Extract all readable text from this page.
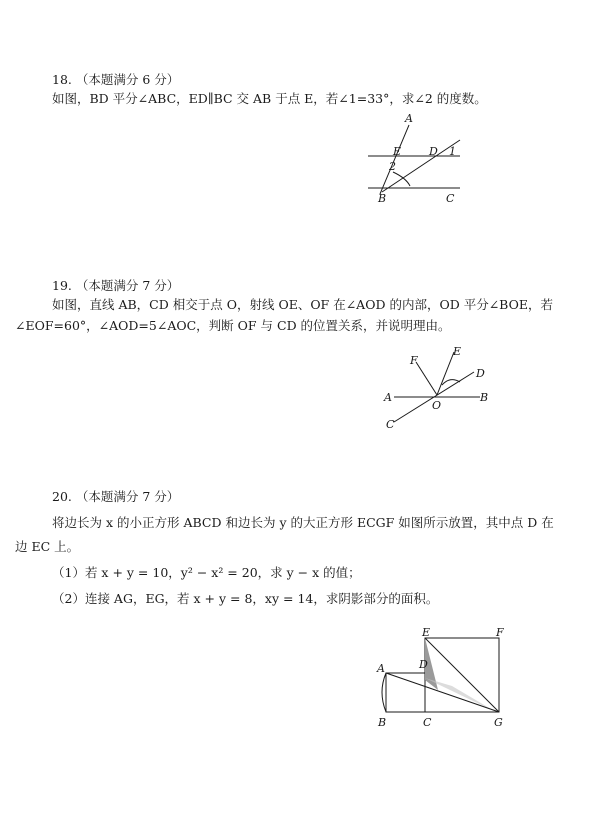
18. （本题满分 6 分）
如图，BD 平分∠ABC，ED∥BC 交 AB 于点 E，若∠1=33°，求∠2 的度数。
A
E	D 1
2
B	C
19. （本题满分 7 分）
如图，直线 AB，CD 相交于点 O，射线 OE、OF 在∠AOD 的内部，OD 平分∠BOE，若
∠EOF=60°，∠AOD=5∠AOC，判断 OF 与 CD 的位置关系，并说明理由。
F
E
D
A
O
B
C
20. （本题满分 7 分）
将边长为 x 的小正方形 ABCD 和边长为 y 的大正方形 ECGF 如图所示放置，其中点 D 在
边 EC 上。
（1）若 x + y = 10，y² − x² = 20，求 y − x 的值；
（2）连接 AG，EG，若 x + y = 8，xy = 14，求阴影部分的面积。
E	F
A	D
B	C	G
